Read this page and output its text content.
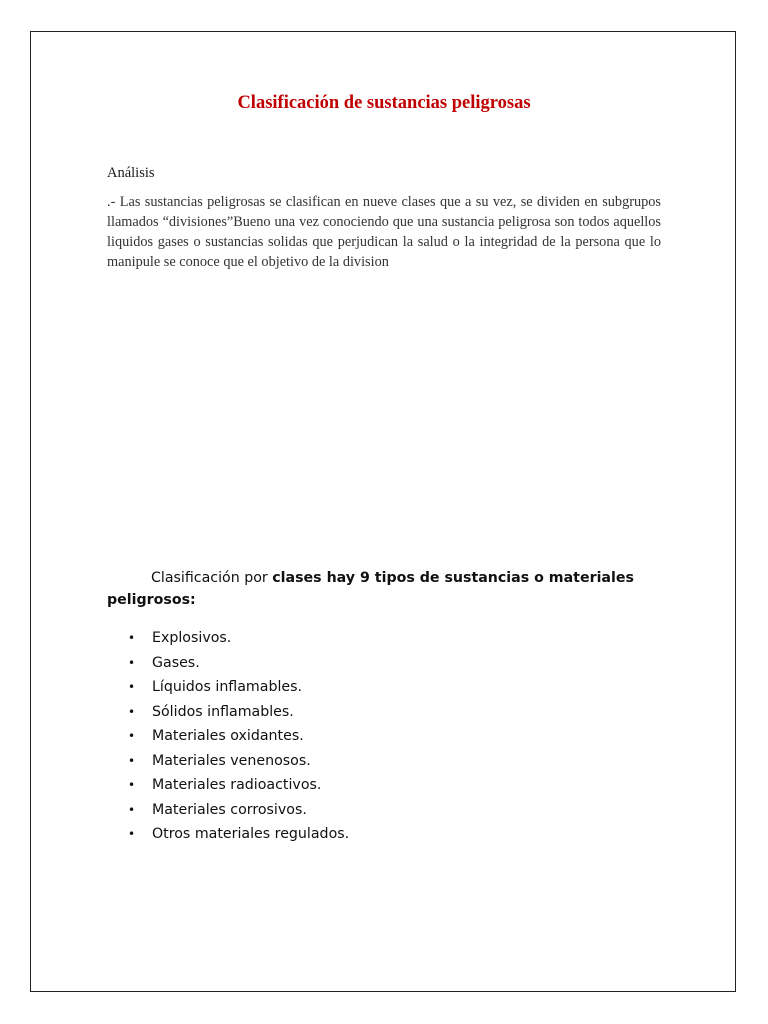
Clasificación de sustancias peligrosas

Análisis

.- Las sustancias peligrosas se clasifican en nueve clases que a su vez, se dividen en subgrupos llamados “divisiones”Bueno una vez conociendo que una sustancia peligrosa son todos aquellos liquidos gases o sustancias solidas que perjudican la salud o la integridad de la persona que lo manipule se conoce que el objetivo de la division

Clasificación por clases hay 9 tipos de sustancias o materiales peligrosos:

• Explosivos.
• Gases.
• Líquidos inflamables.
• Sólidos inflamables.
• Materiales oxidantes.
• Materiales venenosos.
• Materiales radioactivos.
• Materiales corrosivos.
• Otros materiales regulados.
